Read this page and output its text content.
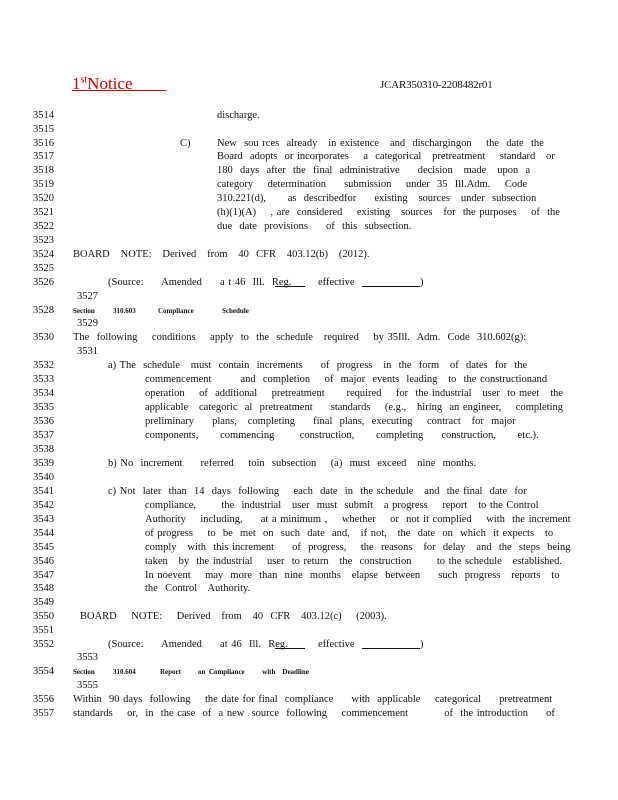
1stNotice	JCAR350310-2208482r01
3514
3515
3516
3517
3518
3519
3520
3521
3522
3523
3524
3525
3526
3528
3530
3532
3533
3534
3535
3536
3537
3538
3539
3540
3541
3542
3543
3544
3545
3546
3547
3548
3549
3550
3551
3552
3554
3556
3557
discharge.
C)	New  sou rces  already   in existence   and  dischargingon    the  date  the
Board  adopts  or incorporates    a  categorical   pretreatment    standard   or
180  days  after  the  final  administrative     decision   made   upon  a
category    determination     submission    under  35  Ill.Adm.    Code
310.221(d),      as  describedfor     existing   sources   under  subsection
(h)(1)(A)    , are  considered    existing   sources   for  the purposes    of  the
due  date  provisions     of  this  subsection.
BOARD   NOTE:   Derived   from   40  CFR   403.12(b)   (2012).
(Source:     Amended     a t 46  Ill.  Reg.	effective	)
3527
Section	310.603	Compliance	Schedule
3529
The  following    conditions    apply  to  the  schedule   required    by 35Ill.  Adm.  Code  310.602(g):
3531
a) The  schedule   must  contain  increments     of  progress   in  the  form   of  dates  for  the
commencement        and  completion    of  major  events  leading   to  the constructionand
operation    of  additional    pretreatment      required    for  the industrial   user  to meet   the
applicable   categoric  al  pretreatment     standards    (e.g.,   hiring  an engineer,    completing
preliminary     plans,   completing     final  plans,  executing    contract   for  major
components,      commencing       construction,      completing     construction,      etc.).
b) No  increment     referred    toin  subsection    (a)  must  exceed   nine  months.
c) Not  later  than  14  days  following    each  date  in  the schedule   and  the final  date  for
compliance,       the  industrial   user  must  submit   a progress    report   to the Control
Authority    including,     at a minimum ,    whether    or  not it complied    with  the increment
of progress    to  be  met  on  such  date  and,   if not,   the  date  on  which  it expects   to
comply   with  this increment     of  progress,    the  reasons   for  delay   and  the  steps  being
taken   by  the industrial    user  to return   the  construction       to the schedule   established.
In noevent    may  more  than  nine  months   elapse  between     such  progress   reports   to
the  Control   Authority.
BOARD    NOTE:    Derived   from   40  CFR   403.12(c)    (2003).
(Source:     Amended     at 46  Ill.  Reg.	effective	)
3553
Section	310.604	Report on  Compliance          with    Deadline
3555
Within  90 days  following    the date for final  compliance     with  applicable    categorical     pretreatment
standards    or,  in  the case  of  a new  source  following    commencement          of  the introduction     of
